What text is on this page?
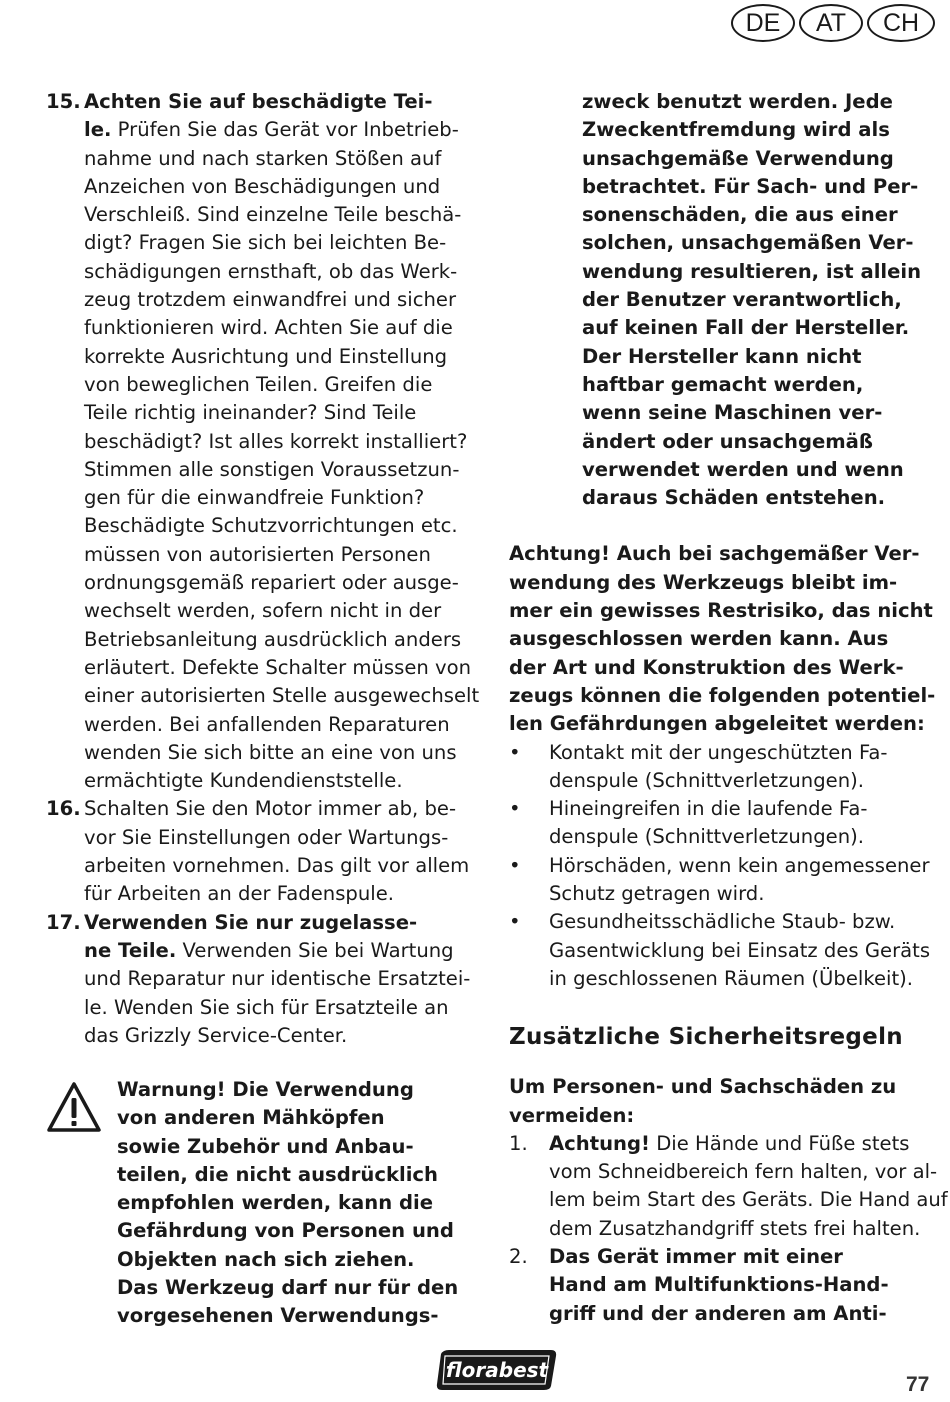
DE	AT	CH
15. Achten Sie auf beschädigte Tei-
le. Prüfen Sie das Gerät vor Inbetrieb-
nahme und nach starken Stößen auf
Anzeichen von Beschädigungen und
Verschleiß. Sind einzelne Teile beschä-
digt? Fragen Sie sich bei leichten Be-
schädigungen ernsthaft, ob das Werk-
zeug trotzdem einwandfrei und sicher
funktionieren wird. Achten Sie auf die
korrekte Ausrichtung und Einstellung
von beweglichen Teilen. Greifen die
Teile richtig ineinander? Sind Teile
beschädigt? Ist alles korrekt installiert?
Stimmen alle sonstigen Voraussetzun-
gen für die einwandfreie Funktion?
Beschädigte Schutzvorrichtungen etc.
müssen von autorisierten Personen
ordnungsgemäß repariert oder ausge-
wechselt werden, sofern nicht in der
Betriebsanleitung ausdrücklich anders
erläutert. Defekte Schalter müssen von
einer autorisierten Stelle ausgewechselt
werden. Bei anfallenden Reparaturen
wenden Sie sich bitte an eine von uns
ermächtigte Kundendienststelle.
16. Schalten Sie den Motor immer ab, be-
vor Sie Einstellungen oder Wartungs-
arbeiten vornehmen. Das gilt vor allem
für Arbeiten an der Fadenspule.
17. Verwenden Sie nur zugelasse-
ne Teile. Verwenden Sie bei Wartung
und Reparatur nur identische Ersatztei-
le. Wenden Sie sich für Ersatzteile an
das Grizzly Service-Center.
Warnung! Die Verwendung
von anderen Mähköpfen
sowie Zubehör und Anbau-
teilen, die nicht ausdrücklich
empfohlen werden, kann die
Gefährdung von Personen und
Objekten nach sich ziehen.
Das Werkzeug darf nur für den
vorgesehenen Verwendungs-
zweck benutzt werden. Jede
Zweckentfremdung wird als
unsachgemäße Verwendung
betrachtet. Für Sach- und Per-
sonenschäden, die aus einer
solchen, unsachgemäßen Ver-
wendung resultieren, ist allein
der Benutzer verantwortlich,
auf keinen Fall der Hersteller.
Der Hersteller kann nicht
haftbar gemacht werden,
wenn seine Maschinen ver-
ändert oder unsachgemäß
verwendet werden und wenn
daraus Schäden entstehen.
Achtung! Auch bei sachgemäßer Ver-
wendung des Werkzeugs bleibt im-
mer ein gewisses Restrisiko, das nicht
ausgeschlossen werden kann. Aus
der Art und Konstruktion des Werk-
zeugs können die folgenden potentiel-
len Gefährdungen abgeleitet werden:
•	Kontakt mit der ungeschützten Fa-
denspule (Schnittverletzungen).
•	Hineingreifen in die laufende Fa-
denspule (Schnittverletzungen).
•	Hörschäden, wenn kein angemessener
Schutz getragen wird.
•	Gesundheitsschädliche Staub- bzw.
Gasentwicklung bei Einsatz des Geräts
in geschlossenen Räumen (Übelkeit).
Zusätzliche Sicherheitsregeln
Um Personen- und Sachschäden zu
vermeiden:
1.	Achtung! Die Hände und Füße stets
vom Schneidbereich fern halten, vor al-
lem beim Start des Geräts. Die Hand auf
dem Zusatzhandgriff stets frei halten.
2.	Das Gerät immer mit einer
Hand am Multifunktions-Hand-
griff und der anderen am Anti-
florabest
77
